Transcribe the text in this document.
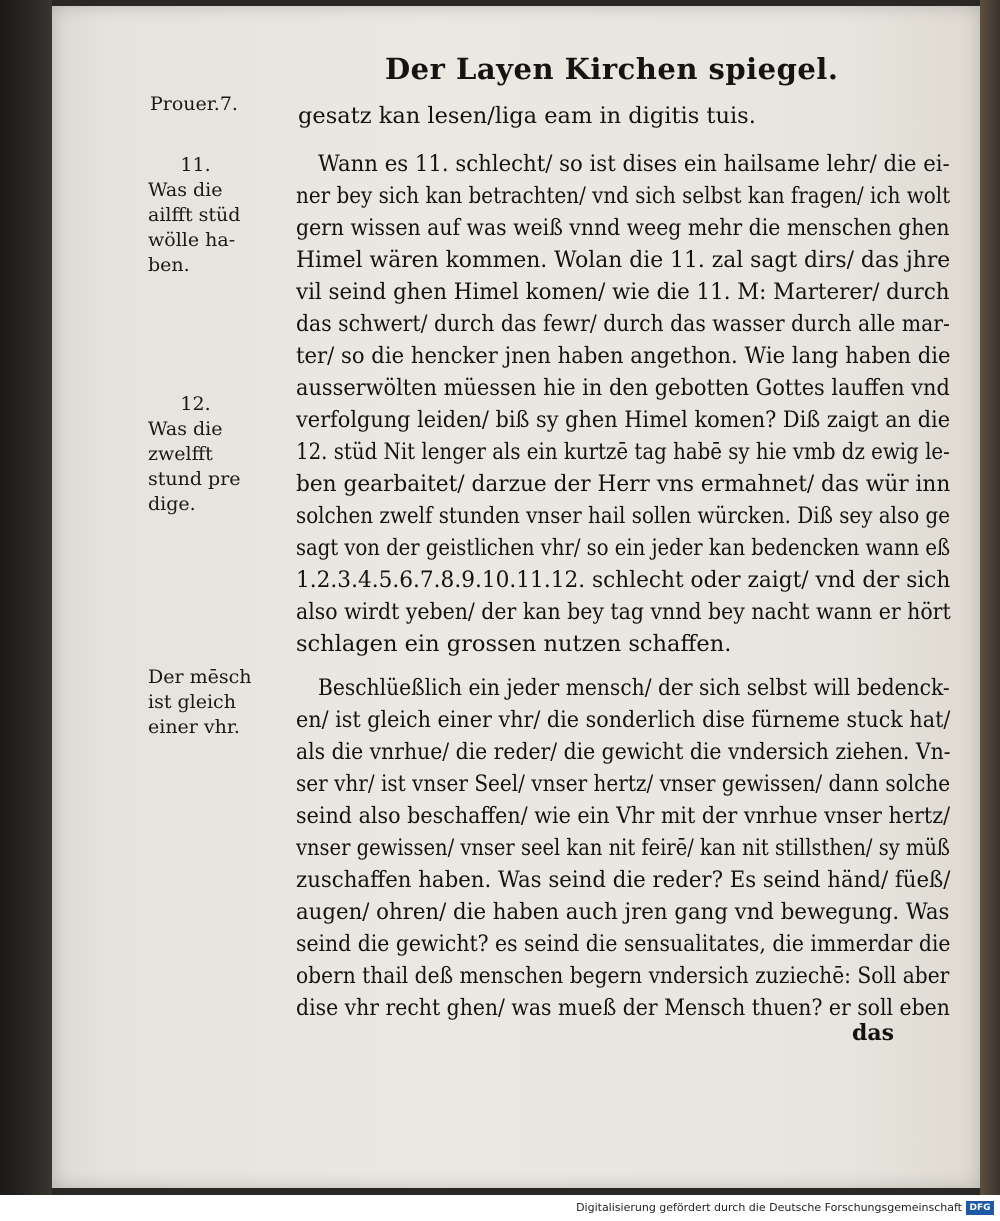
Der Layen Kirchen spiegel.
Prouer.7.
11.
Was die
ailfft stüd
wölle ha-
ben.
12.
Was die
zwelfft
stund pre
dige.
Der mēsch
ist gleich
einer vhr.
gesatz kan lesen/liga eam in digitis tuis.
Wann es 11. schlecht/ so ist dises ein hailsame lehr/ die ei-
ner bey sich kan betrachten/ vnd sich selbst kan fragen/ ich wolt
gern wissen auf was weiß vnnd weeg mehr die menschen ghen
Himel wären kommen. Wolan die 11. zal sagt dirs/ das jhre
vil seind ghen Himel komen/ wie die 11. M: Marterer/ durch
das schwert/ durch das fewr/ durch das wasser durch alle mar-
ter/ so die hencker jnen haben angethon. Wie lang haben die
ausserwölten müessen hie in den gebotten Gottes lauffen vnd
verfolgung leiden/ biß sy ghen Himel komen? Diß zaigt an die
12. stüd Nit lenger als ein kurtzē tag habē sy hie vmb dz ewig le-
ben gearbaitet/ darzue der Herr vns ermahnet/ das wür inn
solchen zwelf stunden vnser hail sollen würcken. Diß sey also ge
sagt von der geistlichen vhr/ so ein jeder kan bedencken wann eß
1.2.3.4.5.6.7.8.9.10.11.12. schlecht oder zaigt/ vnd der sich
also wirdt yeben/ der kan bey tag vnnd bey nacht wann er hört
schlagen ein grossen nutzen schaffen.
Beschlüeßlich ein jeder mensch/ der sich selbst will bedenck-
en/ ist gleich einer vhr/ die sonderlich dise fürneme stuck hat/
als die vnrhue/ die reder/ die gewicht die vndersich ziehen. Vn-
ser vhr/ ist vnser Seel/ vnser hertz/ vnser gewissen/ dann solche
seind also beschaffen/ wie ein Vhr mit der vnrhue vnser hertz/
vnser gewissen/ vnser seel kan nit feirē/ kan nit stillsthen/ sy müß
zuschaffen haben. Was seind die reder? Es seind händ/ füeß/
augen/ ohren/ die haben auch jren gang vnd bewegung. Was
seind die gewicht? es seind die sensualitates, die immerdar die
obern thail deß menschen begern vndersich zuziechē: Soll aber
dise vhr recht ghen/ was mueß der Mensch thuen? er soll eben
das
Digitalisierung gefördert durch die Deutsche Forschungsgemeinschaft DFG
